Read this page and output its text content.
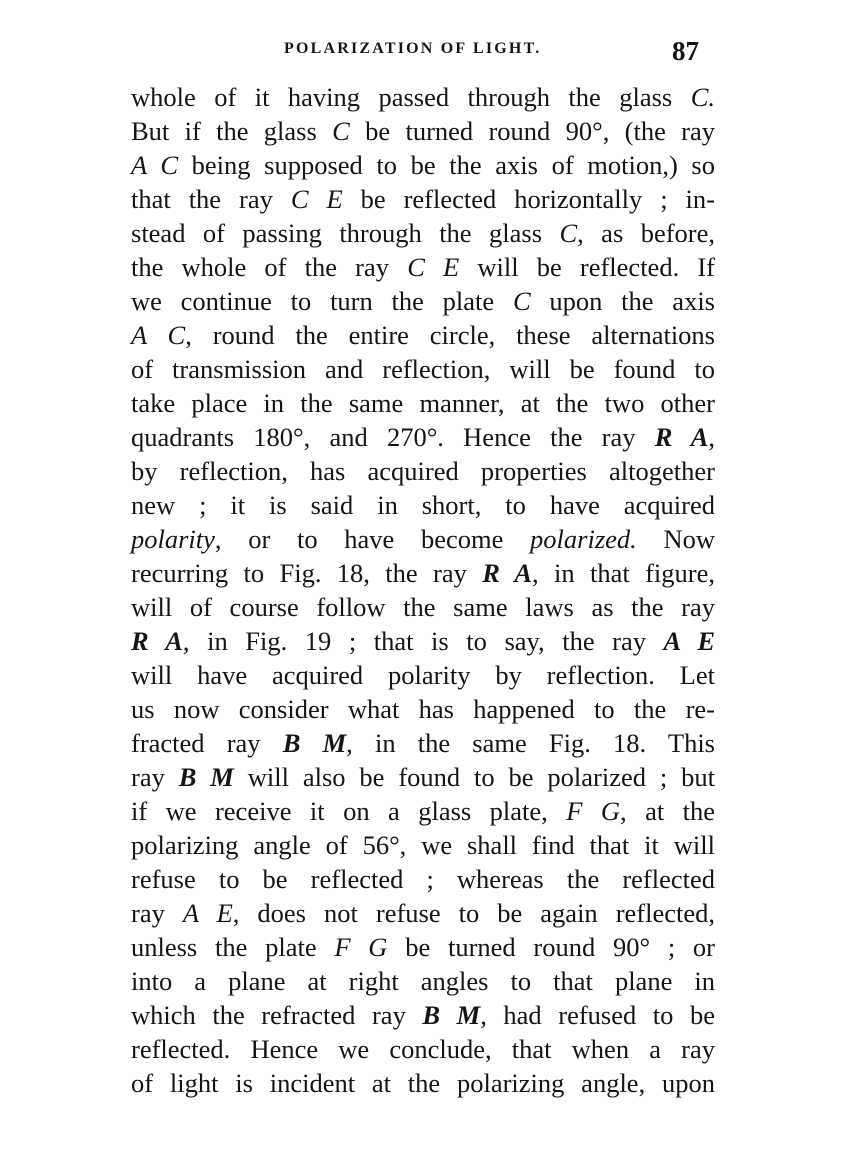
POLARIZATION OF LIGHT.	87
whole of it having passed through the glass C.
But if the glass C be turned round 90°, (the ray
A C being supposed to be the axis of motion,) so
that the ray C E be reflected horizontally ; in-
stead of passing through the glass C, as before,
the whole of the ray C E will be reflected. If
we continue to turn the plate C upon the axis
A C, round the entire circle, these alternations
of transmission and reflection, will be found to
take place in the same manner, at the two other
quadrants 180°, and 270°. Hence the ray R A,
by reflection, has acquired properties altogether
new ; it is said in short, to have acquired
polarity, or to have become polarized. Now
recurring to Fig. 18, the ray R A, in that figure,
will of course follow the same laws as the ray
R A, in Fig. 19 ; that is to say, the ray A E
will have acquired polarity by reflection. Let
us now consider what has happened to the re-
fracted ray B M, in the same Fig. 18. This
ray B M will also be found to be polarized ; but
if we receive it on a glass plate, F G, at the
polarizing angle of 56°, we shall find that it will
refuse to be reflected ; whereas the reflected
ray A E, does not refuse to be again reflected,
unless the plate F G be turned round 90° ; or
into a plane at right angles to that plane in
which the refracted ray B M, had refused to be
reflected. Hence we conclude, that when a ray
of light is incident at the polarizing angle, upon
